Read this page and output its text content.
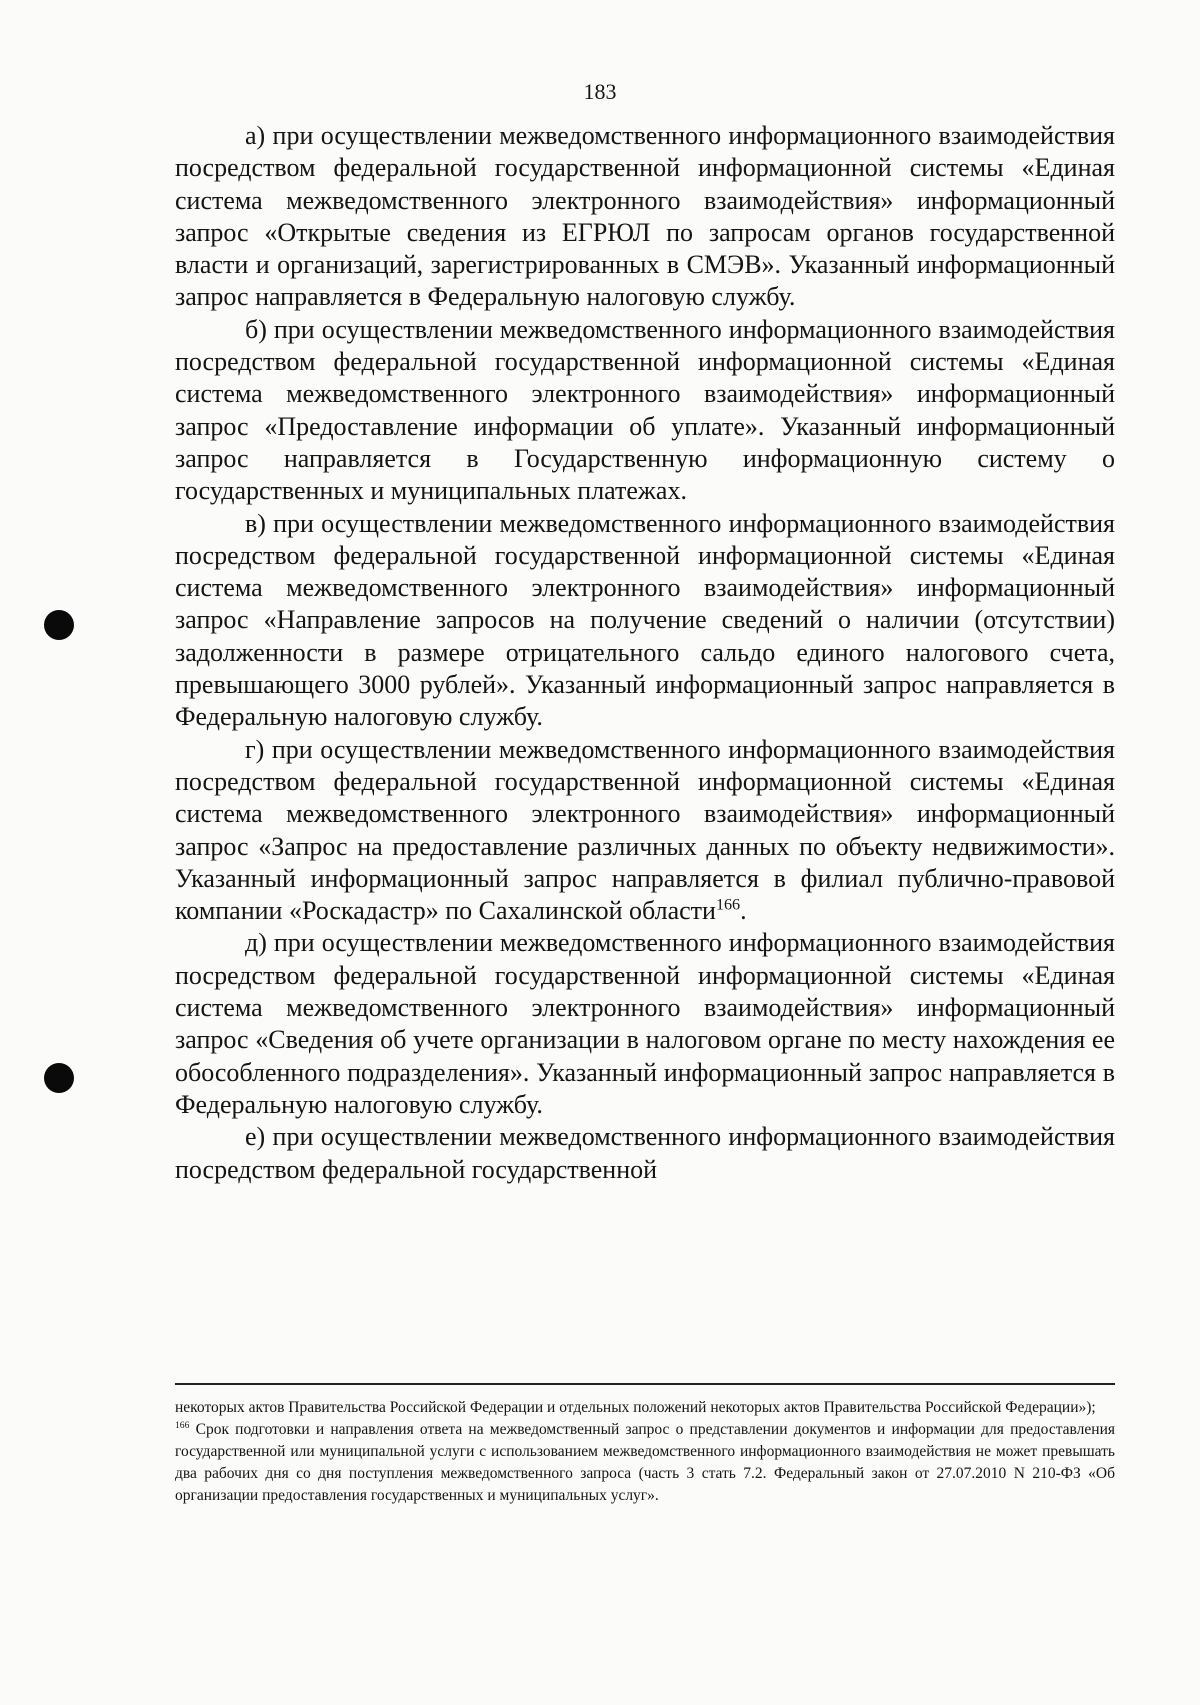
183

а) при осуществлении межведомственного информационного взаимодействия посредством федеральной государственной информационной системы «Единая система межведомственного электронного взаимодействия» информационный запрос «Открытые сведения из ЕГРЮЛ по запросам органов государственной власти и организаций, зарегистрированных в СМЭВ». Указанный информационный запрос направляется в Федеральную налоговую службу.

б) при осуществлении межведомственного информационного взаимодействия посредством федеральной государственной информационной системы «Единая система межведомственного электронного взаимодействия» информационный запрос «Предоставление информации об уплате». Указанный информационный запрос направляется в Государственную информационную систему о государственных и муниципальных платежах.

в) при осуществлении межведомственного информационного взаимодействия посредством федеральной государственной информационной системы «Единая система межведомственного электронного взаимодействия» информационный запрос «Направление запросов на получение сведений о наличии (отсутствии) задолженности в размере отрицательного сальдо единого налогового счета, превышающего 3000 рублей». Указанный информационный запрос направляется в Федеральную налоговую службу.

г) при осуществлении межведомственного информационного взаимодействия посредством федеральной государственной информационной системы «Единая система межведомственного электронного взаимодействия» информационный запрос «Запрос на предоставление различных данных по объекту недвижимости». Указанный информационный запрос направляется в филиал публично-правовой компании «Роскадастр» по Сахалинской области$^{166}$.

д) при осуществлении межведомственного информационного взаимодействия посредством федеральной государственной информационной системы «Единая система межведомственного электронного взаимодействия» информационный запрос «Сведения об учете организации в налоговом органе по месту нахождения ее обособленного подразделения». Указанный информационный запрос направляется в Федеральную налоговую службу.

е) при осуществлении межведомственного информационного взаимодействия посредством федеральной государственной

некоторых актов Правительства Российской Федерации и отдельных положений некоторых актов Правительства Российской Федерации»);

$^{166}$ Срок подготовки и направления ответа на межведомственный запрос о представлении документов и информации для предоставления государственной или муниципальной услуги с использованием межведомственного информационного взаимодействия не может превышать два рабочих дня со дня поступления межведомственного запроса (часть 3 стать 7.2. Федеральный закон от 27.07.2010 N 210-ФЗ «Об организации предоставления государственных и муниципальных услуг».
